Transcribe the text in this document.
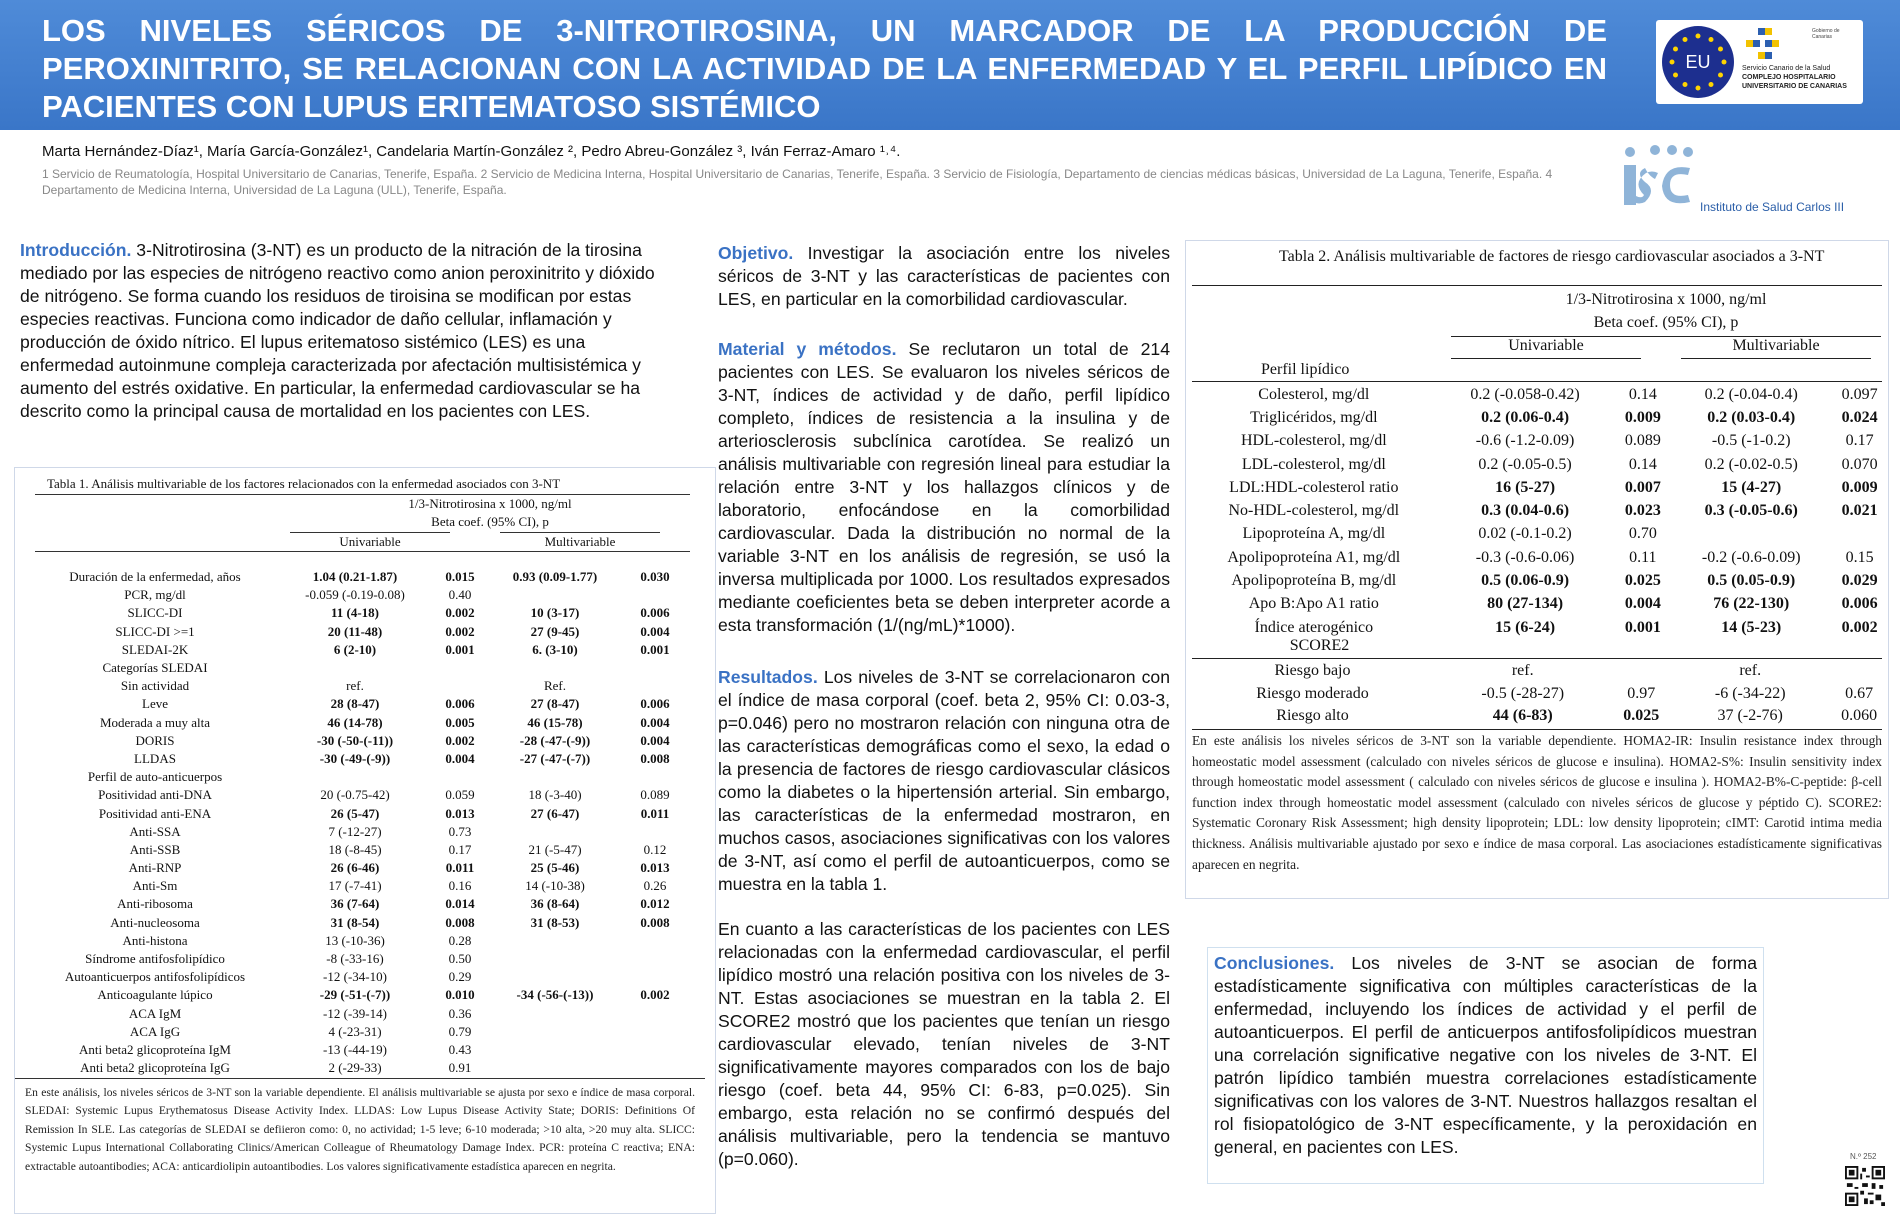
LOS NIVELES SÉRICOS DE 3-NITROTIROSINA, UN MARCADOR DE LA PRODUCCIÓN DE PEROXINITRITO, SE RELACIONAN CON LA ACTIVIDAD DE LA ENFERMEDAD Y EL PERFIL LIPÍDICO EN PACIENTES CON LUPUS ERITEMATOSO SISTÉMICO
EU
Gobierno de Canarias
Servicio Canario de la Salud
COMPLEJO HOSPITALARIO
UNIVERSITARIO DE CANARIAS
Marta Hernández-Díaz¹, María García-González¹, Candelaria Martín-González ², Pedro Abreu-González ³, Iván Ferraz-Amaro ¹˒⁴.
1 Servicio de Reumatología, Hospital Universitario de Canarias, Tenerife, España. 2 Servicio de Medicina Interna, Hospital Universitario de Canarias, Tenerife, España. 3 Servicio de Fisiología, Departamento de ciencias médicas básicas, Universidad de La Laguna, Tenerife, España. 4 Departamento de Medicina Interna, Universidad de La Laguna (ULL), Tenerife, España.
Instituto de Salud Carlos III

Introducción. 3-Nitrotirosina (3-NT) es un producto de la nitración de la tirosina mediado por las especies de nitrógeno reactivo como anion peroxinitrito y dióxido de nitrógeno. Se forma cuando los residuos de tiroisina se modifican por estas especies reactivas. Funciona como indicador de daño cellular, inflamación y producción de óxido nítrico. El lupus eritematoso sistémico (LES) es una enfermedad autoinmune compleja caracterizada por afectación multisistémica y aumento del estrés oxidative. En particular, la enfermedad cardiovascular se ha descrito como la principal causa de mortalidad en los pacientes con LES.

Tabla 1. Análisis multivariable de los factores relacionados con la enfermedad asociados con 3-NT
1/3-Nitrotirosina x 1000, ng/ml
Beta coef. (95% CI), p
Univariable	Multivariable
Duración de la enfermedad, años	1.04 (0.21-1.87)	0.015	0.93 (0.09-1.77)	0.030
PCR, mg/dl	-0.059 (-0.19-0.08)	0.40		
SLICC-DI	11 (4-18)	0.002	10 (3-17)	0.006
SLICC-DI >=1	20 (11-48)	0.002	27 (9-45)	0.004
SLEDAI-2K	6 (2-10)	0.001	6. (3-10)	0.001
Categorías SLEDAI				
Sin actividad	ref.		Ref.	
Leve	28 (8-47)	0.006	27 (8-47)	0.006
Moderada a muy alta	46 (14-78)	0.005	46 (15-78)	0.004
DORIS	-30 (-50-(-11))	0.002	-28 (-47-(-9))	0.004
LLDAS	-30 (-49-(-9))	0.004	-27 (-47-(-7))	0.008
Perfil de auto-anticuerpos				
Positividad anti-DNA	20 (-0.75-42)	0.059	18 (-3-40)	0.089
Positividad anti-ENA	26 (5-47)	0.013	27 (6-47)	0.011
Anti-SSA	7 (-12-27)	0.73		
Anti-SSB	18 (-8-45)	0.17	21 (-5-47)	0.12
Anti-RNP	26 (6-46)	0.011	25 (5-46)	0.013
Anti-Sm	17 (-7-41)	0.16	14 (-10-38)	0.26
Anti-ribosoma	36 (7-64)	0.014	36 (8-64)	0.012
Anti-nucleosoma	31 (8-54)	0.008	31 (8-53)	0.008
Anti-histona	13 (-10-36)	0.28		
Síndrome antifosfolipídico	-8 (-33-16)	0.50		
Autoanticuerpos antifosfolipídicos	-12 (-34-10)	0.29		
Anticoagulante lúpico	-29 (-51-(-7))	0.010	-34 (-56-(-13))	0.002
ACA IgM	-12 (-39-14)	0.36		
ACA IgG	4 (-23-31)	0.79		
Anti beta2 glicoproteína IgM	-13 (-44-19)	0.43		
Anti beta2 glicoproteína IgG	2 (-29-33)	0.91		

En este análisis, los niveles séricos de 3-NT son la variable dependiente. El análisis multivariable se ajusta por sexo e índice de masa corporal. SLEDAI: Systemic Lupus Erythematosus Disease Activity Index. LLDAS: Low Lupus Disease Activity State; DORIS: Definitions Of Remission In SLE. Las categorías de SLEDAI se defiieron como: 0, no actividad; 1-5 leve; 6-10 moderada; >10 alta, >20 muy alta. SLICC: Systemic Lupus International Collaborating Clinics/American Colleague of Rheumatology Damage Index. PCR: proteína C reactiva; ENA: extractable autoantibodies; ACA: anticardiolipin autoantibodies. Los valores significativamente estadística aparecen en negrita.

Objetivo. Investigar la asociación entre los niveles séricos de 3-NT y las características de pacientes con LES, en particular en la comorbilidad cardiovascular.

Material y métodos. Se reclutaron un total de 214 pacientes con LES. Se evaluaron los niveles séricos de 3-NT, índices de actividad y de daño, perfil lipídico completo, índices de resistencia a la insulina y de arteriosclerosis subclínica carotídea. Se realizó un análisis multivariable con regresión lineal para estudiar la relación entre 3-NT y los hallazgos clínicos y de laboratorio, enfocándose en la comorbilidad cardiovascular. Dada la distribución no normal de la variable 3-NT en los análisis de regresión, se usó la inversa multiplicada por 1000. Los resultados expresados mediante coeficientes beta se deben interpreter acorde a esta transformación (1/(ng/mL)*1000).

Resultados. Los niveles de 3-NT se correlacionaron con el índice de masa corporal (coef. beta 2, 95% CI: 0.03-3, p=0.046) pero no mostraron relación con ninguna otra de las características demográficas como el sexo, la edad o la presencia de factores de riesgo cardiovascular clásicos como la diabetes o la hipertensión arterial. Sin embargo, las características de la enfermedad mostraron, en muchos casos, asociaciones significativas con los valores de 3-NT, así como el perfil de autoanticuerpos, como se muestra en la tabla 1.

En cuanto a las características de los pacientes con LES relacionadas con la enfermedad cardiovascular, el perfil lipídico mostró una relación positiva con los niveles de 3-NT. Estas asociaciones se muestran en la tabla 2. El SCORE2 mostró que los pacientes que tenían un riesgo cardiovascular elevado, tenían niveles de 3-NT significativamente mayores comparados con los de bajo riesgo (coef. beta 44, 95% CI: 6-83, p=0.025). Sin embargo, esta relación no se confirmó después del análisis multivariable, pero la tendencia se mantuvo (p=0.060).

Tabla 2. Análisis multivariable de factores de riesgo cardiovascular asociados a 3-NT
1/3-Nitrotirosina x 1000, ng/ml
Beta coef. (95% CI), p
Univariable	Multivariable
Perfil lipídico
Colesterol, mg/dl	0.2 (-0.058-0.42)	0.14	0.2 (-0.04-0.4)	0.097
Triglicéridos, mg/dl	0.2 (0.06-0.4)	0.009	0.2 (0.03-0.4)	0.024
HDL-colesterol, mg/dl	-0.6 (-1.2-0.09)	0.089	-0.5 (-1-0.2)	0.17
LDL-colesterol, mg/dl	0.2 (-0.05-0.5)	0.14	0.2 (-0.02-0.5)	0.070
LDL:HDL-colesterol ratio	16 (5-27)	0.007	15 (4-27)	0.009
No-HDL-colesterol, mg/dl	0.3 (0.04-0.6)	0.023	0.3 (-0.05-0.6)	0.021
Lipoproteína A, mg/dl	0.02 (-0.1-0.2)	0.70		
Apolipoproteína A1, mg/dl	-0.3 (-0.6-0.06)	0.11	-0.2 (-0.6-0.09)	0.15
Apolipoproteína B, mg/dl	0.5 (0.06-0.9)	0.025	0.5 (0.05-0.9)	0.029
Apo B:Apo A1 ratio	80 (27-134)	0.004	76 (22-130)	0.006
Índice aterogénico	15 (6-24)	0.001	14 (5-23)	0.002
SCORE2
Riesgo bajo	ref.		ref.	
Riesgo moderado	-0.5 (-28-27)	0.97	-6 (-34-22)	0.67
Riesgo alto	44 (6-83)	0.025	37 (-2-76)	0.060

En este análisis los niveles séricos de 3-NT son la variable dependiente. HOMA2-IR: Insulin resistance index through homeostatic model assessment (calculado con niveles séricos de glucose e insulina). HOMA2-S%: Insulin sensitivity index through homeostatic model assessment ( calculado con niveles séricos de glucose e insulina ). HOMA2-B%-C-peptide: β-cell function index through homeostatic model assessment (calculado con niveles séricos de glucose y péptido C). SCORE2: Systematic Coronary Risk Assessment; high density lipoprotein; LDL: low density lipoprotein; cIMT: Carotid intima media thickness. Análisis multivariable ajustado por sexo e índice de masa corporal. Las asociaciones estadísticamente significativas aparecen en negrita.

Conclusiones. Los niveles de 3-NT se asocian de forma estadísticamente significativa con múltiples características de la enfermedad, incluyendo los índices de actividad y el perfil de autoanticuerpos. El perfil de anticuerpos antifosfolipídicos muestran una correlación significative negative con los niveles de 3-NT. El patrón lipídico también muestra correlaciones estadísticamente significativas con los valores de 3-NT. Nuestros hallazgos resaltan el rol fisiopatológico de 3-NT específicamente, y la peroxidación en general, en pacientes con LES.	N.º 252
